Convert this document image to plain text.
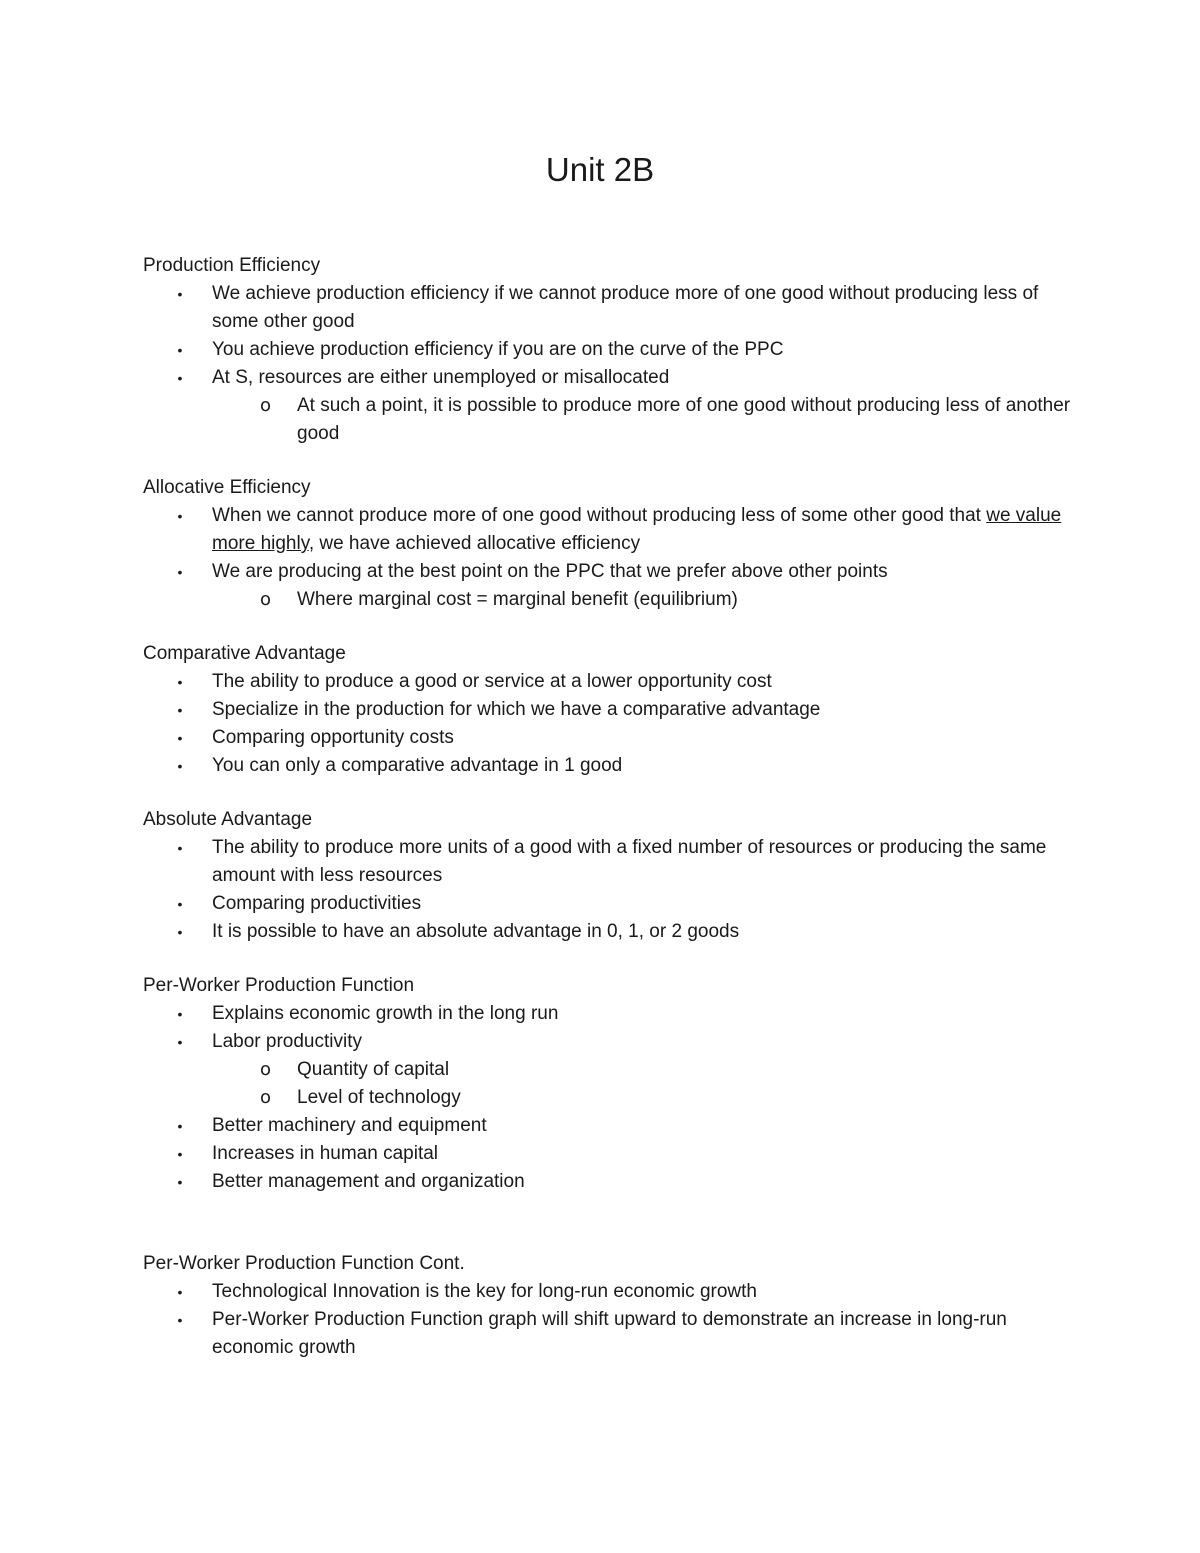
Unit 2B

Production Efficiency

• We achieve production efficiency if we cannot produce more of one good without producing less of some other good
• You achieve production efficiency if you are on the curve of the PPC
• At S, resources are either unemployed or misallocated
o At such a point, it is possible to produce more of one good without producing less of another good

Allocative Efficiency

• When we cannot produce more of one good without producing less of some other good that we value more highly, we have achieved allocative efficiency
• We are producing at the best point on the PPC that we prefer above other points
o Where marginal cost = marginal benefit (equilibrium)

Comparative Advantage

• The ability to produce a good or service at a lower opportunity cost
• Specialize in the production for which we have a comparative advantage
• Comparing opportunity costs
• You can only a comparative advantage in 1 good

Absolute Advantage

• The ability to produce more units of a good with a fixed number of resources or producing the same amount with less resources
• Comparing productivities
• It is possible to have an absolute advantage in 0, 1, or 2 goods

Per-Worker Production Function

• Explains economic growth in the long run
• Labor productivity
o Quantity of capital
o Level of technology
• Better machinery and equipment
• Increases in human capital
• Better management and organization

Per-Worker Production Function Cont.

• Technological Innovation is the key for long-run economic growth
• Per-Worker Production Function graph will shift upward to demonstrate an increase in long-run economic growth
